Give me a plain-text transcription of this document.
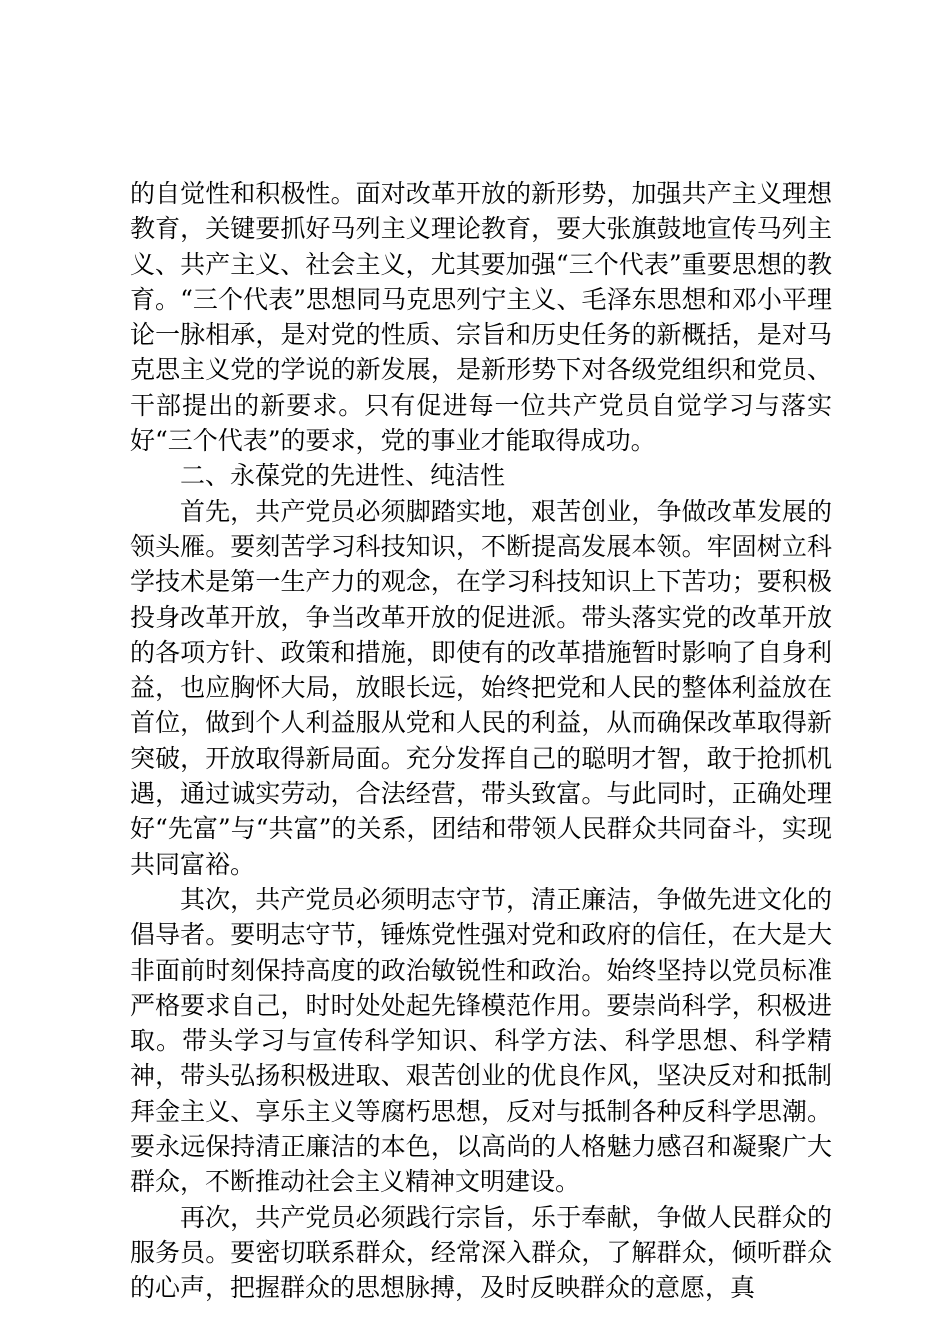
的自觉性和积极性。面对改革开放的新形势，加强共产主义理想教育，关键要抓好马列主义理论教育，要大张旗鼓地宣传马列主义、共产主义、社会主义，尤其要加强“三个代表”重要思想的教育。“三个代表”思想同马克思列宁主义、毛泽东思想和邓小平理论一脉相承，是对党的性质、宗旨和历史任务的新概括，是对马克思主义党的学说的新发展，是新形势下对各级党组织和党员、干部提出的新要求。只有促进每一位共产党员自觉学习与落实好“三个代表”的要求，党的事业才能取得成功。

二、永葆党的先进性、纯洁性

首先，共产党员必须脚踏实地，艰苦创业，争做改革发展的领头雁。要刻苦学习科技知识，不断提高发展本领。牢固树立科学技术是第一生产力的观念，在学习科技知识上下苦功；要积极投身改革开放，争当改革开放的促进派。带头落实党的改革开放的各项方针、政策和措施，即使有的改革措施暂时影响了自身利益，也应胸怀大局，放眼长远，始终把党和人民的整体利益放在首位，做到个人利益服从党和人民的利益，从而确保改革取得新突破，开放取得新局面。充分发挥自己的聪明才智，敢于抢抓机遇，通过诚实劳动，合法经营，带头致富。与此同时，正确处理好“先富”与“共富”的关系，团结和带领人民群众共同奋斗，实现共同富裕。

其次，共产党员必须明志守节，清正廉洁，争做先进文化的倡导者。要明志守节，锤炼党性强对党和政府的信任，在大是大非面前时刻保持高度的政治敏锐性和政治。始终坚持以党员标准严格要求自己，时时处处起先锋模范作用。要崇尚科学，积极进取。带头学习与宣传科学知识、科学方法、科学思想、科学精神，带头弘扬积极进取、艰苦创业的优良作风，坚决反对和抵制拜金主义、享乐主义等腐朽思想，反对与抵制各种反科学思潮。要永远保持清正廉洁的本色，以高尚的人格魅力感召和凝聚广大群众，不断推动社会主义精神文明建设。

再次，共产党员必须践行宗旨，乐于奉献，争做人民群众的服务员。要密切联系群众，经常深入群众，了解群众，倾听群众的心声，把握群众的思想脉搏，及时反映群众的意愿，真
